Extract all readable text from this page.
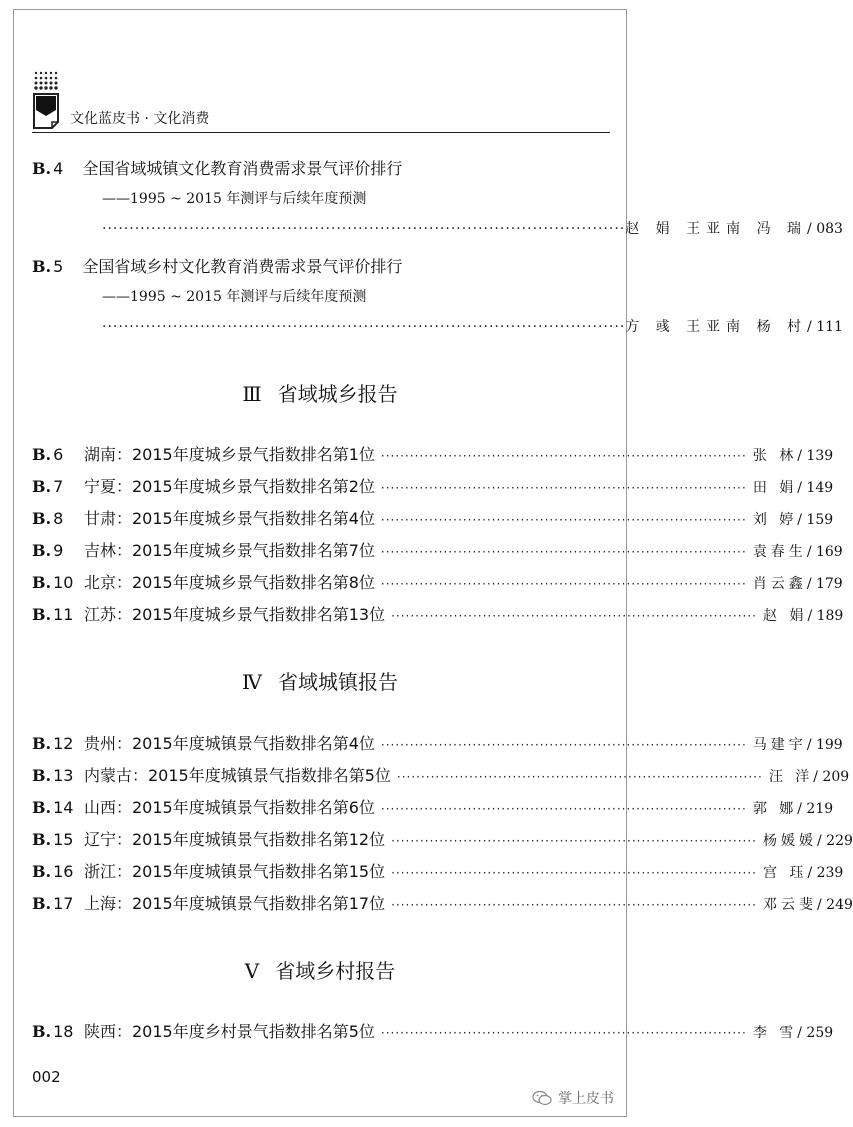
文化蓝皮书 · 文化消费
B. 4 全国省域城镇文化教育消费需求景气评价排行
——1995 ~ 2015 年测评与后续年度预测
································································································ 赵 娟 王亚南 冯 瑞 / 083
B. 5 全国省域乡村文化教育消费需求景气评价排行
——1995 ~ 2015 年测评与后续年度预测
································································································ 方 彧 王亚南 杨 村 / 111
Ⅲ 省域城乡报告
B. 6	湖南：2015年度城乡景气指数排名第1位 ············································································ 张 林 / 139
B. 7	宁夏：2015年度城乡景气指数排名第2位 ············································································ 田 娟 / 149
B. 8	甘肃：2015年度城乡景气指数排名第4位 ············································································ 刘 婷 / 159
B. 9	吉林：2015年度城乡景气指数排名第7位 ············································································ 袁春生 / 169
B. 10 北京：2015年度城乡景气指数排名第8位 ············································································ 肖云鑫 / 179
B. 11 江苏：2015年度城乡景气指数排名第13位 ············································································ 赵 娟 / 189
Ⅳ 省域城镇报告
B. 12 贵州：2015年度城镇景气指数排名第4位 ············································································ 马建宇 / 199
B. 13 内蒙古：2015年度城镇景气指数排名第5位 ············································································ 汪 洋 / 209
B. 14 山西：2015年度城镇景气指数排名第6位 ············································································ 郭 娜 / 219
B. 15 辽宁：2015年度城镇景气指数排名第12位 ············································································ 杨媛媛 / 229
B. 16 浙江：2015年度城镇景气指数排名第15位 ············································································ 宫 珏 / 239
B. 17 上海：2015年度城镇景气指数排名第17位 ············································································ 邓云斐 / 249
Ⅴ 省域乡村报告
B. 18 陕西：2015年度乡村景气指数排名第5位 ············································································ 李 雪 / 259
002
掌上皮书
